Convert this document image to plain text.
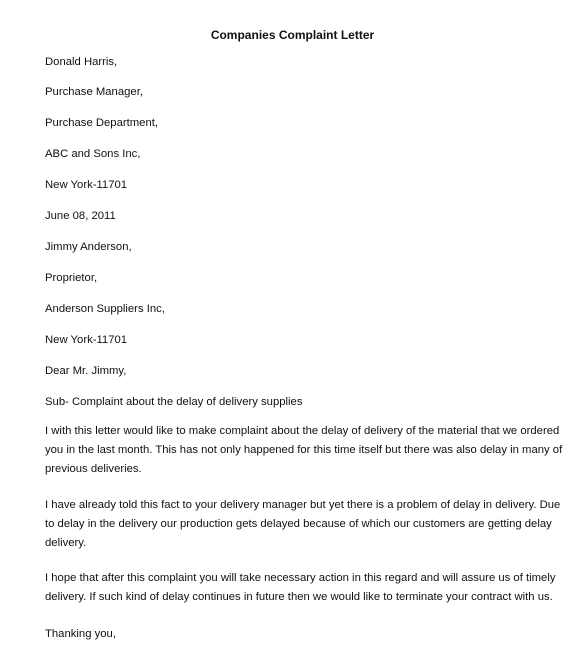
Companies Complaint Letter
Donald Harris,
Purchase Manager,
Purchase Department,
ABC and Sons Inc,
New York-11701
June 08, 2011
Jimmy Anderson,
Proprietor,
Anderson Suppliers Inc,
New York-11701
Dear Mr. Jimmy,
Sub- Complaint about the delay of delivery supplies
I with this letter would like to make complaint about the delay of delivery of the material that we ordered
you in the last month. This has not only happened for this time itself but there was also delay in many of
previous deliveries.
I have already told this fact to your delivery manager but yet there is a problem of delay in delivery. Due
to delay in the delivery our production gets delayed because of which our customers are getting delay
delivery.
I hope that after this complaint you will take necessary action in this regard and will assure us of timely
delivery. If such kind of delay continues in future then we would like to terminate your contract with us.
Thanking you,
